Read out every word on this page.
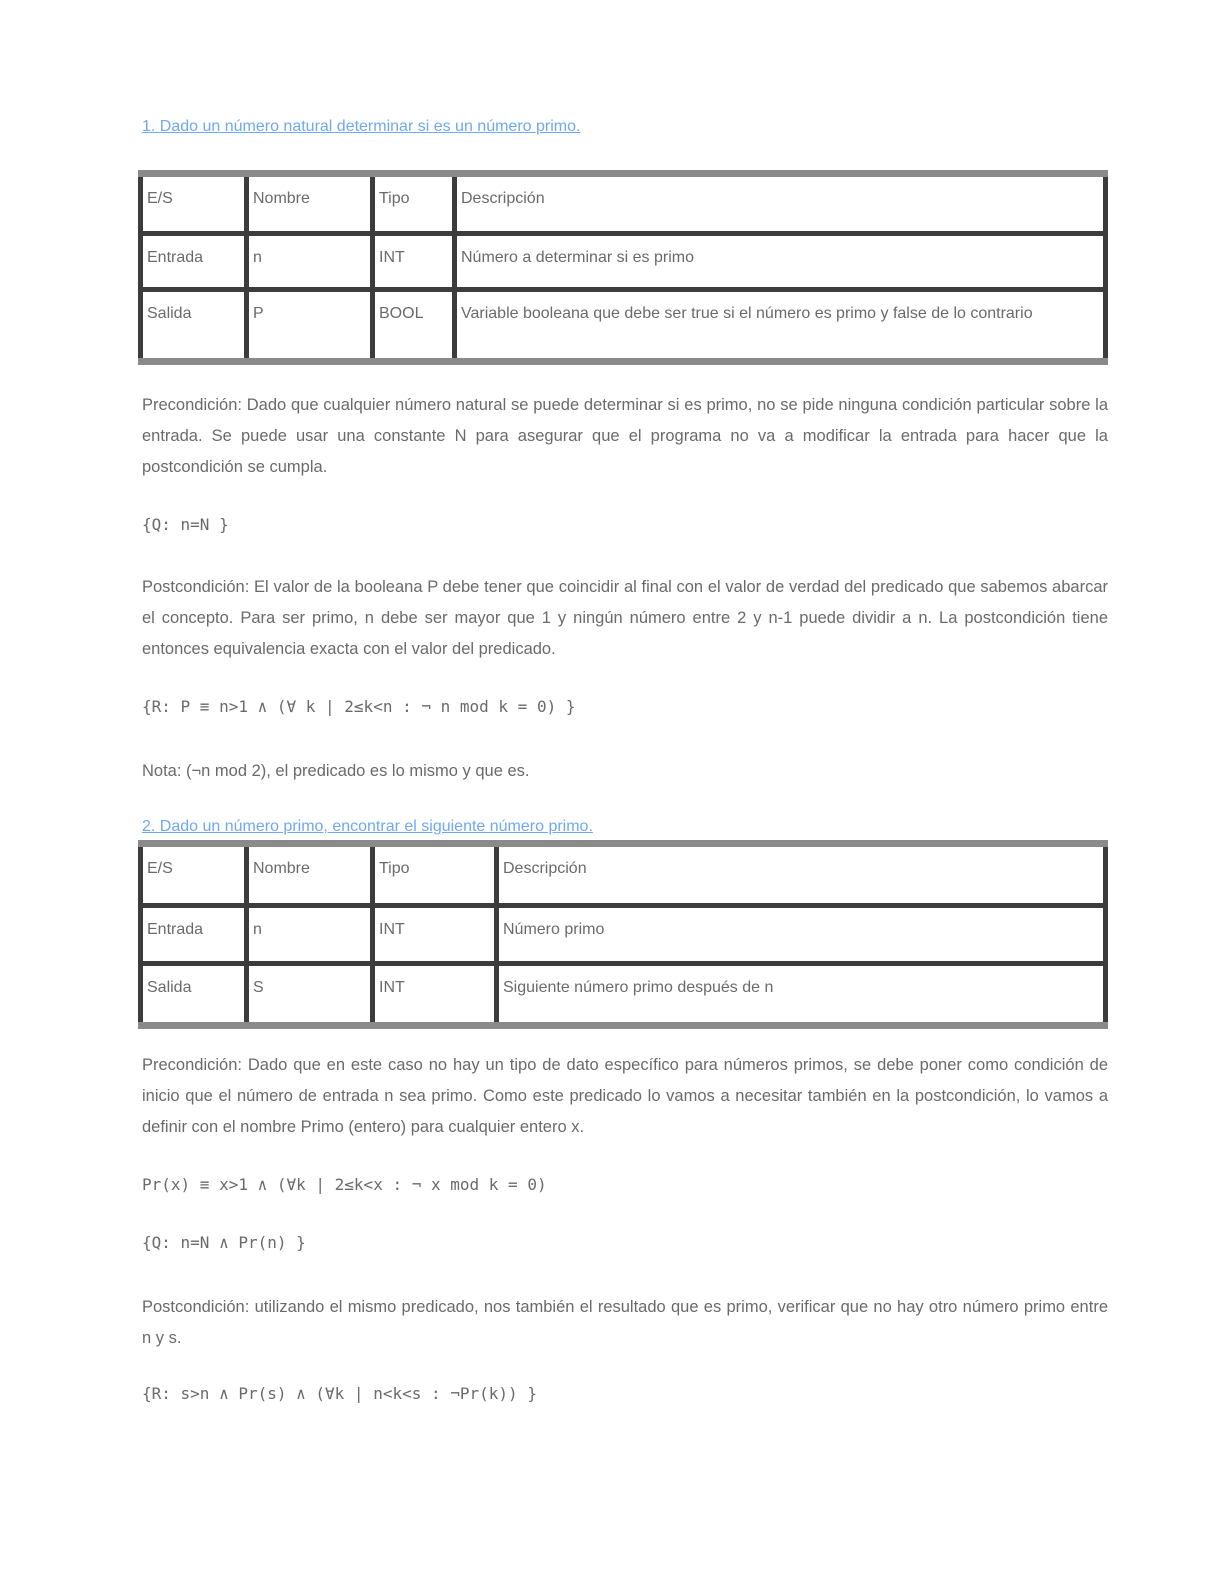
1. Dado un número natural determinar si es un número primo.
E/S	Nombre	Tipo	Descripción
Entrada	n	INT	Número a determinar si es primo
Salida	P	BOOL	Variable booleana que debe ser true si el número es primo y false de lo contrario
Precondición: Dado que cualquier número natural se puede determinar si es primo, no se pide ninguna condición particular sobre la entrada. Se puede usar una constante N para asegurar que el programa no va a modificar la entrada para hacer que la postcondición se cumpla.
{Q: n=N }
Postcondición: El valor de la booleana P debe tener que coincidir al final con el valor de verdad del predicado que sabemos abarcar el concepto. Para ser primo, n debe ser mayor que 1 y ningún número entre 2 y n-1 puede dividir a n. La postcondición tiene entonces equivalencia exacta con el valor del predicado.
{R: P ≡ n>1 ∧ (∀ k | 2≤k<n : ¬ n mod k = 0) }
Nota: (¬n mod 2), el predicado es lo mismo y que es.
2. Dado un número primo, encontrar el siguiente número primo.
E/S	Nombre	Tipo	Descripción
Entrada	n	INT	Número primo
Salida	S	INT	Siguiente número primo después de n
Precondición: Dado que en este caso no hay un tipo de dato específico para números primos, se debe poner como condición de inicio que el número de entrada n sea primo. Como este predicado lo vamos a necesitar también en la postcondición, lo vamos a definir con el nombre Primo (entero) para cualquier entero x.
Pr(x) ≡ x>1 ∧ (∀k | 2≤k<x : ¬ x mod k = 0)
{Q: n=N ∧ Pr(n) }
Postcondición: utilizando el mismo predicado, nos también el resultado que es primo, verificar que no hay otro número primo entre n y s.
{R: s>n ∧ Pr(s) ∧ (∀k | n<k<s : ¬Pr(k)) }
